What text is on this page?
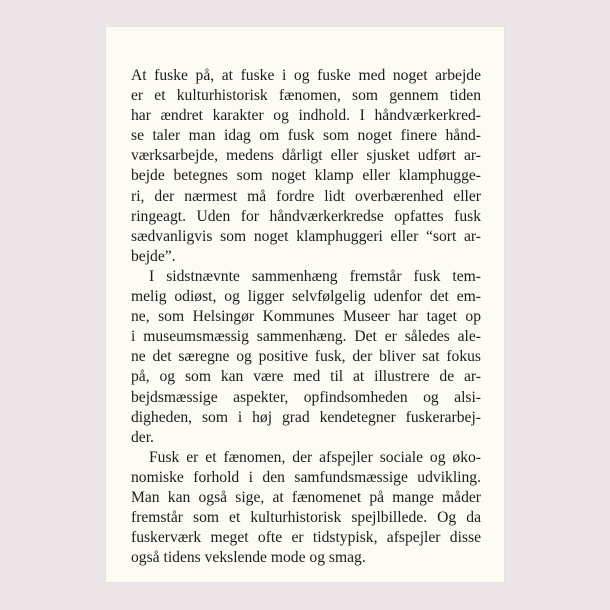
At fuske på, at fuske i og fuske med noget arbejde
er et kulturhistorisk fænomen, som gennem tiden
har ændret karakter og indhold. I håndværkerkred-
se taler man idag om fusk som noget finere hånd-
værksarbejde, medens dårligt eller sjusket udført ar-
bejde betegnes som noget klamp eller klamphugge-
ri, der nærmest må fordre lidt overbærenhed eller
ringeagt. Uden for håndværkerkredse opfattes fusk
sædvanligvis som noget klamphuggeri eller “sort ar-
bejde”.
I sidstnævnte sammenhæng fremstår fusk tem-
melig odiøst, og ligger selvfølgelig udenfor det em-
ne, som Helsingør Kommunes Museer har taget op
i museumsmæssig sammenhæng. Det er således ale-
ne det særegne og positive fusk, der bliver sat fokus
på, og som kan være med til at illustrere de ar-
bejdsmæssige aspekter, opfindsomheden og alsi-
digheden, som i høj grad kendetegner fuskerarbej-
der.
Fusk er et fænomen, der afspejler sociale og øko-
nomiske forhold i den samfundsmæssige udvikling.
Man kan også sige, at fænomenet på mange måder
fremstår som et kulturhistorisk spejlbillede. Og da
fuskerværk meget ofte er tidstypisk, afspejler disse
også tidens vekslende mode og smag.
